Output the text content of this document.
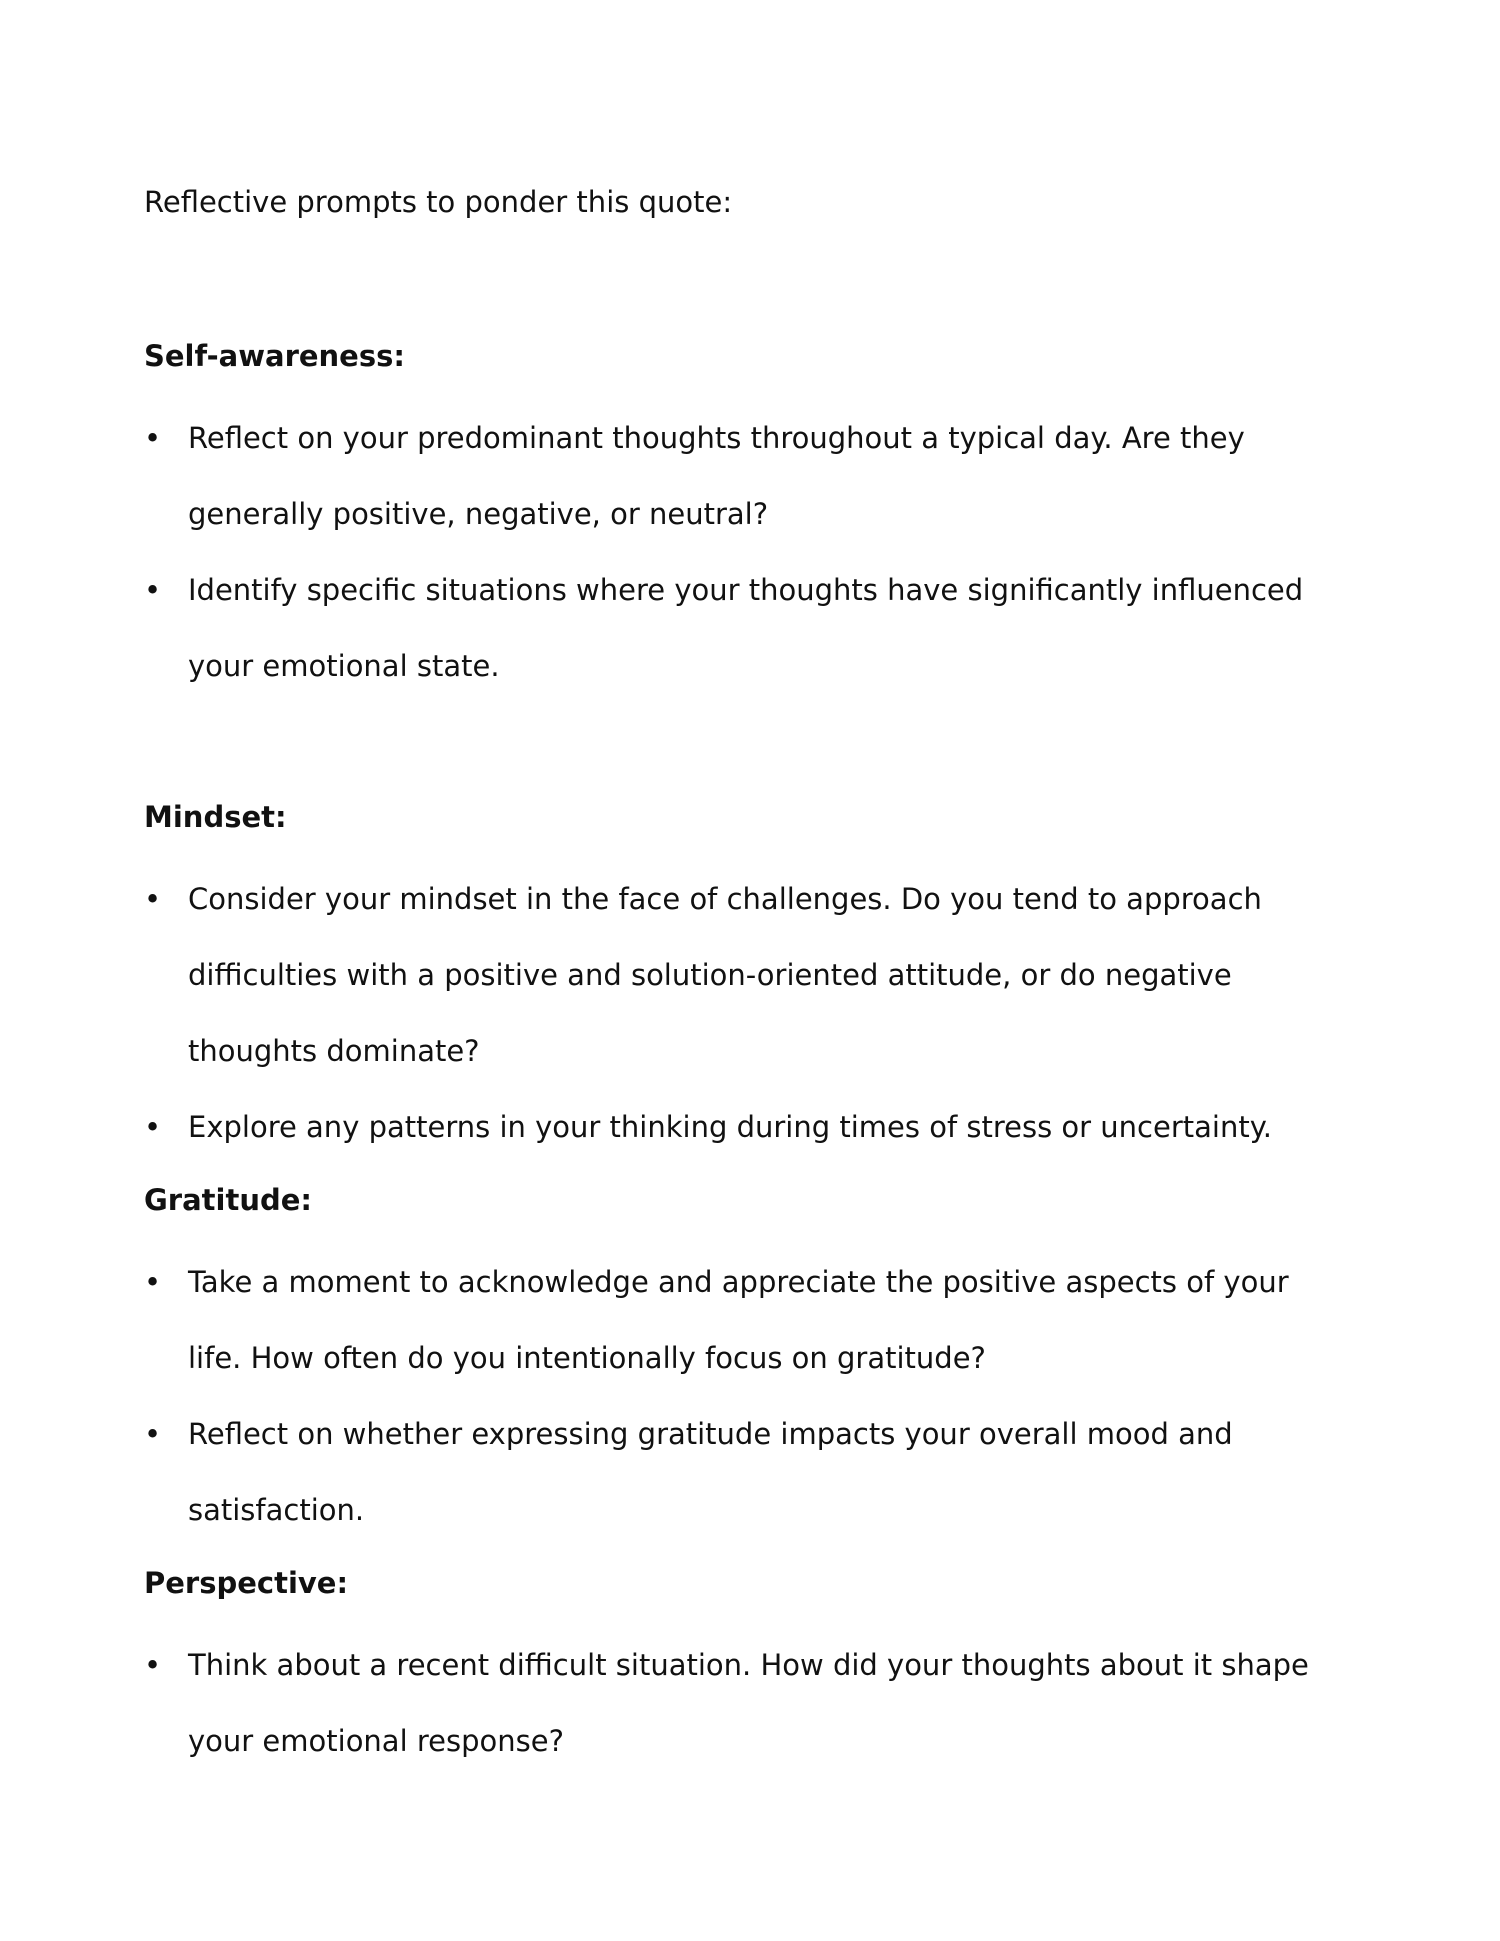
Reflective prompts to ponder this quote:

Self-awareness:
• Reflect on your predominant thoughts throughout a typical day. Are they generally positive, negative, or neutral?
• Identify specific situations where your thoughts have significantly influenced your emotional state.
Mindset:
• Consider your mindset in the face of challenges. Do you tend to approach difficulties with a positive and solution-oriented attitude, or do negative thoughts dominate?
• Explore any patterns in your thinking during times of stress or uncertainty.
Gratitude:
• Take a moment to acknowledge and appreciate the positive aspects of your life. How often do you intentionally focus on gratitude?
• Reflect on whether expressing gratitude impacts your overall mood and satisfaction.
Perspective:
• Think about a recent difficult situation. How did your thoughts about it shape your emotional response?
